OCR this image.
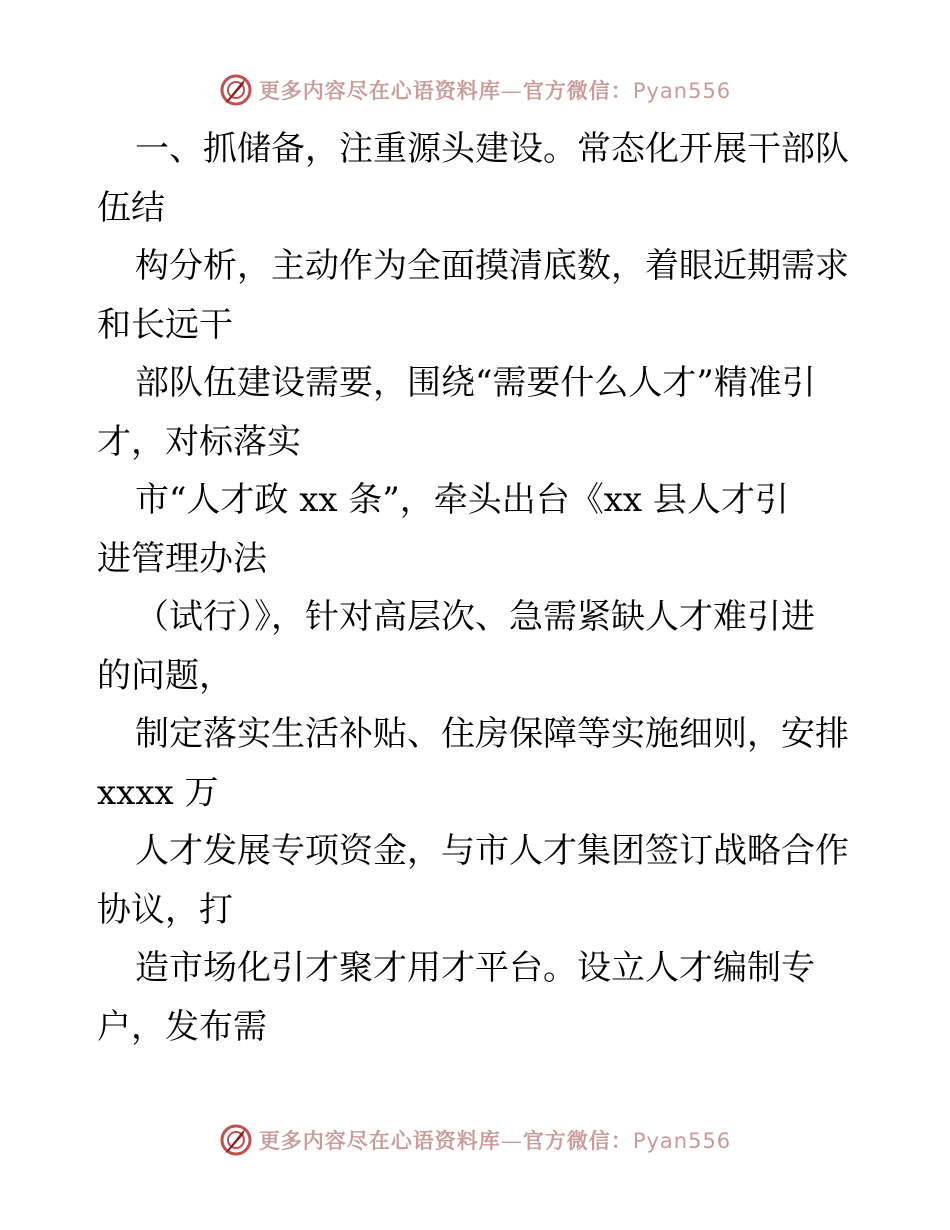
更多内容尽在心语资料库—官方微信：Pyan556
一、抓储备，注重源头建设。常态化开展干部队
伍结
构分析，主动作为全面摸清底数，着眼近期需求
和长远干
部队伍建设需要，围绕“需要什么人才”精准引
才，对标落实
市“人才政 xx 条”，牵头出台《xx 县人才引
进管理办法
（试行）》，针对高层次、急需紧缺人才难引进
的问题，
制定落实生活补贴、住房保障等实施细则，安排
xxxx 万
人才发展专项资金，与市人才集团签订战略合作
协议，打
造市场化引才聚才用才平台。设立人才编制专
户，发布需
更多内容尽在心语资料库—官方微信：Pyan556
